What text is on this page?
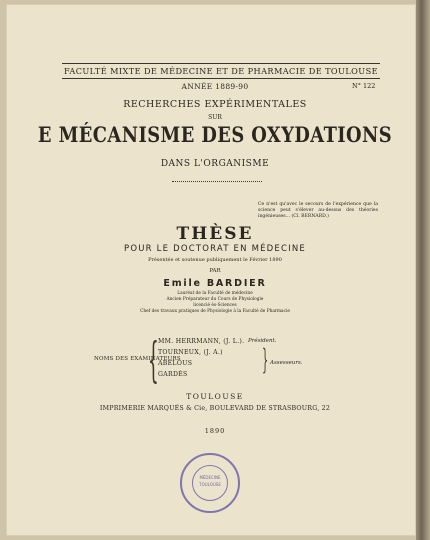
FACULTÉ MIXTE DE MÉDECINE ET DE PHARMACIE DE TOULOUSE
ANNÉE 1889-90	N° 122
RECHERCHES EXPÉRIMENTALES
SUR
E MÉCANISME DES OXYDATIONS
DANS L'ORGANISME
Ce n'est qu'avec le secours de l'expérience que la science peut s'élever au-dessus des théories ingénieuses... (Cl. BERNARD.)
THÈSE
POUR LE DOCTORAT EN MÉDECINE
Présentée et soutenue publiquement le Février 1890
PAR
Emile BARDIER
Lauréat de la Faculté de médecine
Ancien Préparateur du Cours de Physiologie
licencié ès-Sciences
Chef des travaux pratiques de Physiologie à la Faculté de Pharmacie
NOMS DES EXAMINATEURS
{ MM. HERRMANN, (J. L.). Président.
TOURNEUX, (J. A.)
ABELOUS } Assesseurs.
GARDÈS
TOULOUSE
IMPRIMERIE MARQUÉS & Cie, BOULEVARD DE STRASBOURG, 22
1890
MÉDECINE
TOULOUSE
